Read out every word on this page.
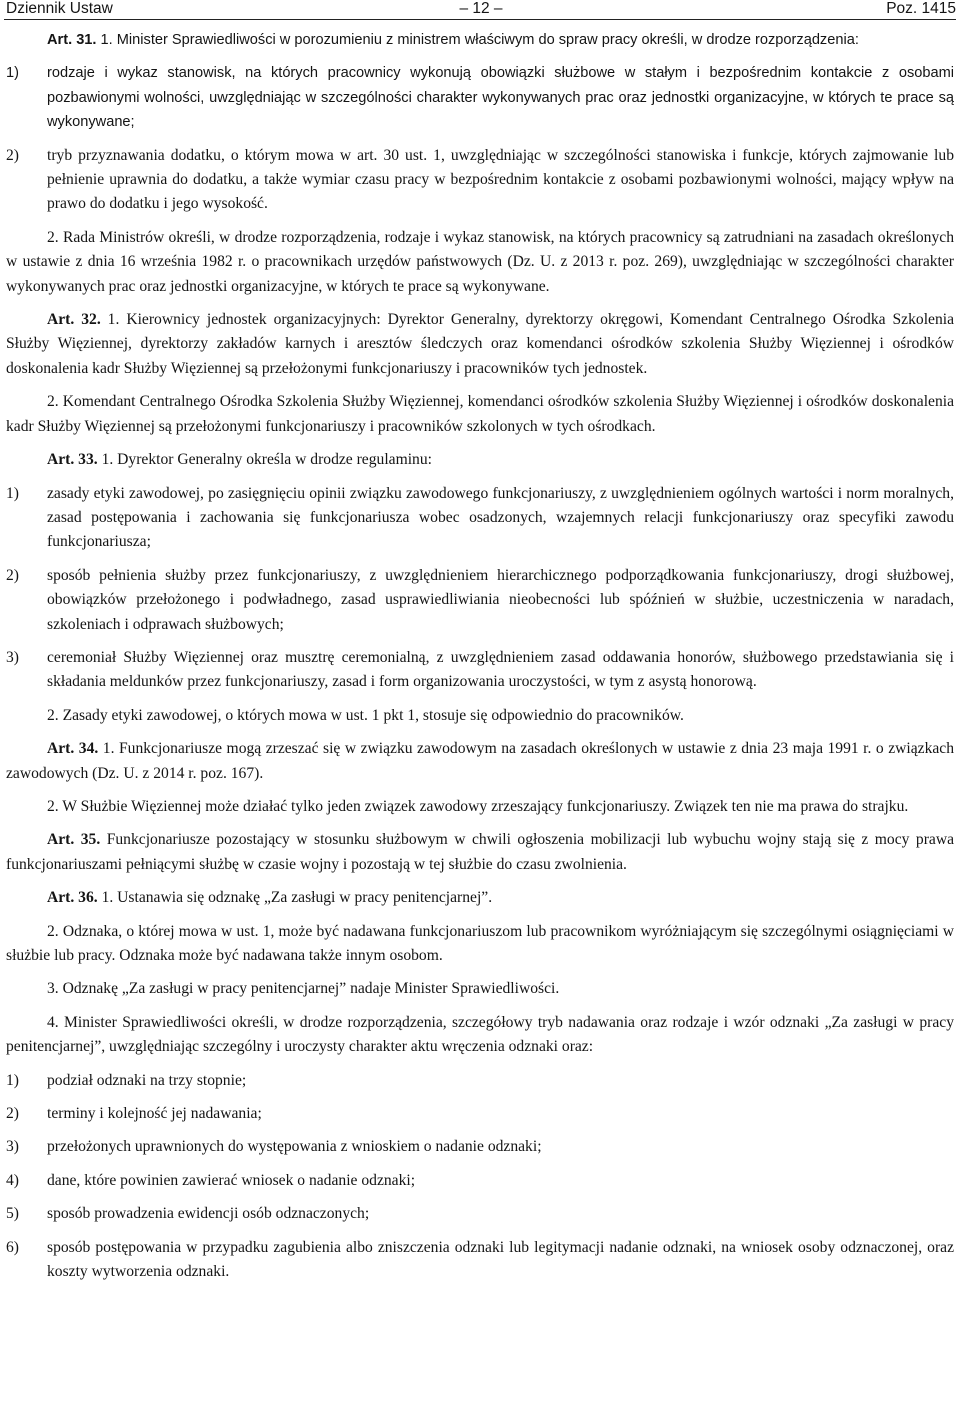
Dziennik Ustaw	– 12 –	Poz. 1415

Art. 31. 1. Minister Sprawiedliwości w porozumieniu z ministrem właściwym do spraw pracy określi, w drodze rozporządzenia:

1)	rodzaje i wykaz stanowisk, na których pracownicy wykonują obowiązki służbowe w stałym i bezpośrednim kontakcie z osobami pozbawionymi wolności, uwzględniając w szczególności charakter wykonywanych prac oraz jednostki organizacyjne, w których te prace są wykonywane;
2)	tryb przyznawania dodatku, o którym mowa w art. 30 ust. 1, uwzględniając w szczególności stanowiska i funkcje, których zajmowanie lub pełnienie uprawnia do dodatku, a także wymiar czasu pracy w bezpośrednim kontakcie z osobami pozbawionymi wolności, mający wpływ na prawo do dodatku i jego wysokość.

2. Rada Ministrów określi, w drodze rozporządzenia, rodzaje i wykaz stanowisk, na których pracownicy są zatrudniani na zasadach określonych w ustawie z dnia 16 września 1982 r. o pracownikach urzędów państwowych (Dz. U. z 2013 r. poz. 269), uwzględniając w szczególności charakter wykonywanych prac oraz jednostki organizacyjne, w których te prace są wykonywane.

Art. 32. 1. Kierownicy jednostek organizacyjnych: Dyrektor Generalny, dyrektorzy okręgowi, Komendant Centralnego Ośrodka Szkolenia Służby Więziennej, dyrektorzy zakładów karnych i aresztów śledczych oraz komendanci ośrodków szkolenia Służby Więziennej i ośrodków doskonalenia kadr Służby Więziennej są przełożonymi funkcjonariuszy i pracowników tych jednostek.

2. Komendant Centralnego Ośrodka Szkolenia Służby Więziennej, komendanci ośrodków szkolenia Służby Więziennej i ośrodków doskonalenia kadr Służby Więziennej są przełożonymi funkcjonariuszy i pracowników szkolonych w tych ośrodkach.

Art. 33. 1. Dyrektor Generalny określa w drodze regulaminu:

1)	zasady etyki zawodowej, po zasięgnięciu opinii związku zawodowego funkcjonariuszy, z uwzględnieniem ogólnych wartości i norm moralnych, zasad postępowania i zachowania się funkcjonariusza wobec osadzonych, wzajemnych relacji funkcjonariuszy oraz specyfiki zawodu funkcjonariusza;
2)	sposób pełnienia służby przez funkcjonariuszy, z uwzględnieniem hierarchicznego podporządkowania funkcjonariuszy, drogi służbowej, obowiązków przełożonego i podwładnego, zasad usprawiedliwiania nieobecności lub spóźnień w służbie, uczestniczenia w naradach, szkoleniach i odprawach służbowych;
3)	ceremoniał Służby Więziennej oraz musztrę ceremonialną, z uwzględnieniem zasad oddawania honorów, służbowego przedstawiania się i składania meldunków przez funkcjonariuszy, zasad i form organizowania uroczystości, w tym z asystą honorową.

2. Zasady etyki zawodowej, o których mowa w ust. 1 pkt 1, stosuje się odpowiednio do pracowników.

Art. 34. 1. Funkcjonariusze mogą zrzeszać się w związku zawodowym na zasadach określonych w ustawie z dnia 23 maja 1991 r. o związkach zawodowych (Dz. U. z 2014 r. poz. 167).

2. W Służbie Więziennej może działać tylko jeden związek zawodowy zrzeszający funkcjonariuszy. Związek ten nie ma prawa do strajku.

Art. 35. Funkcjonariusze pozostający w stosunku służbowym w chwili ogłoszenia mobilizacji lub wybuchu wojny stają się z mocy prawa funkcjonariuszami pełniącymi służbę w czasie wojny i pozostają w tej służbie do czasu zwolnienia.

Art. 36. 1. Ustanawia się odznakę „Za zasługi w pracy penitencjarnej”.

2. Odznaka, o której mowa w ust. 1, może być nadawana funkcjonariuszom lub pracownikom wyróżniającym się szczególnymi osiągnięciami w służbie lub pracy. Odznaka może być nadawana także innym osobom.

3. Odznakę „Za zasługi w pracy penitencjarnej” nadaje Minister Sprawiedliwości.

4. Minister Sprawiedliwości określi, w drodze rozporządzenia, szczegółowy tryb nadawania oraz rodzaje i wzór odznaki „Za zasługi w pracy penitencjarnej”, uwzględniając szczególny i uroczysty charakter aktu wręczenia odznaki oraz:

1)	podział odznaki na trzy stopnie;
2)	terminy i kolejność jej nadawania;
3)	przełożonych uprawnionych do występowania z wnioskiem o nadanie odznaki;
4)	dane, które powinien zawierać wniosek o nadanie odznaki;
5)	sposób prowadzenia ewidencji osób odznaczonych;
6)	sposób postępowania w przypadku zagubienia albo zniszczenia odznaki lub legitymacji nadanie odznaki, na wniosek osoby odznaczonej, oraz koszty wytworzenia odznaki.
